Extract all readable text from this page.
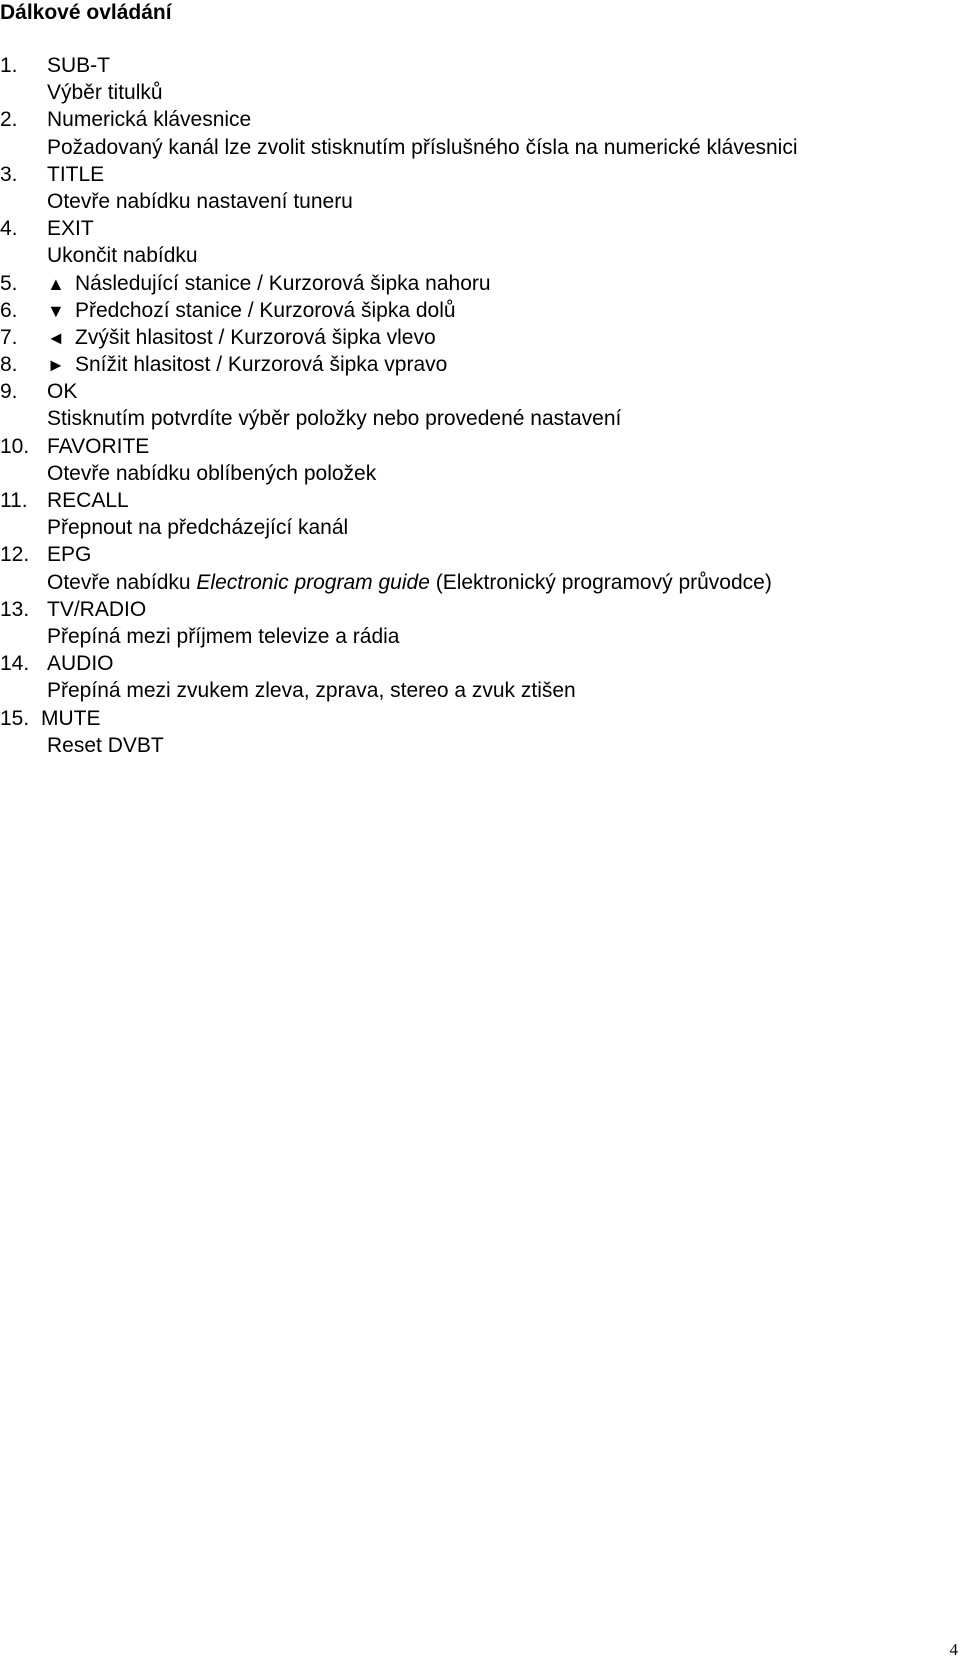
Dálkové ovládání
1. SUB-T
Výběr titulků
2. Numerická klávesnice
Požadovaný kanál lze zvolit stisknutím příslušného čísla na numerické klávesnici
3. TITLE
Otevře nabídku nastavení tuneru
4. EXIT
Ukončit nabídku
5. ▲ Následující stanice / Kurzorová šipka nahoru
6. ▼ Předchozí stanice / Kurzorová šipka dolů
7. ◄ Zvýšit hlasitost / Kurzorová šipka vlevo
8. ► Snížit hlasitost / Kurzorová šipka vpravo
9. OK
Stisknutím potvrdíte výběr položky nebo provedené nastavení
10. FAVORITE
Otevře nabídku oblíbených položek
11. RECALL
Přepnout na předcházející kanál
12. EPG
Otevře nabídku Electronic program guide (Elektronický programový průvodce)
13. TV/RADIO
Přepíná mezi příjmem televize a rádia
14. AUDIO
Přepíná mezi zvukem zleva, zprava, stereo a zvuk ztišen
15. MUTE
Reset DVBT
4
